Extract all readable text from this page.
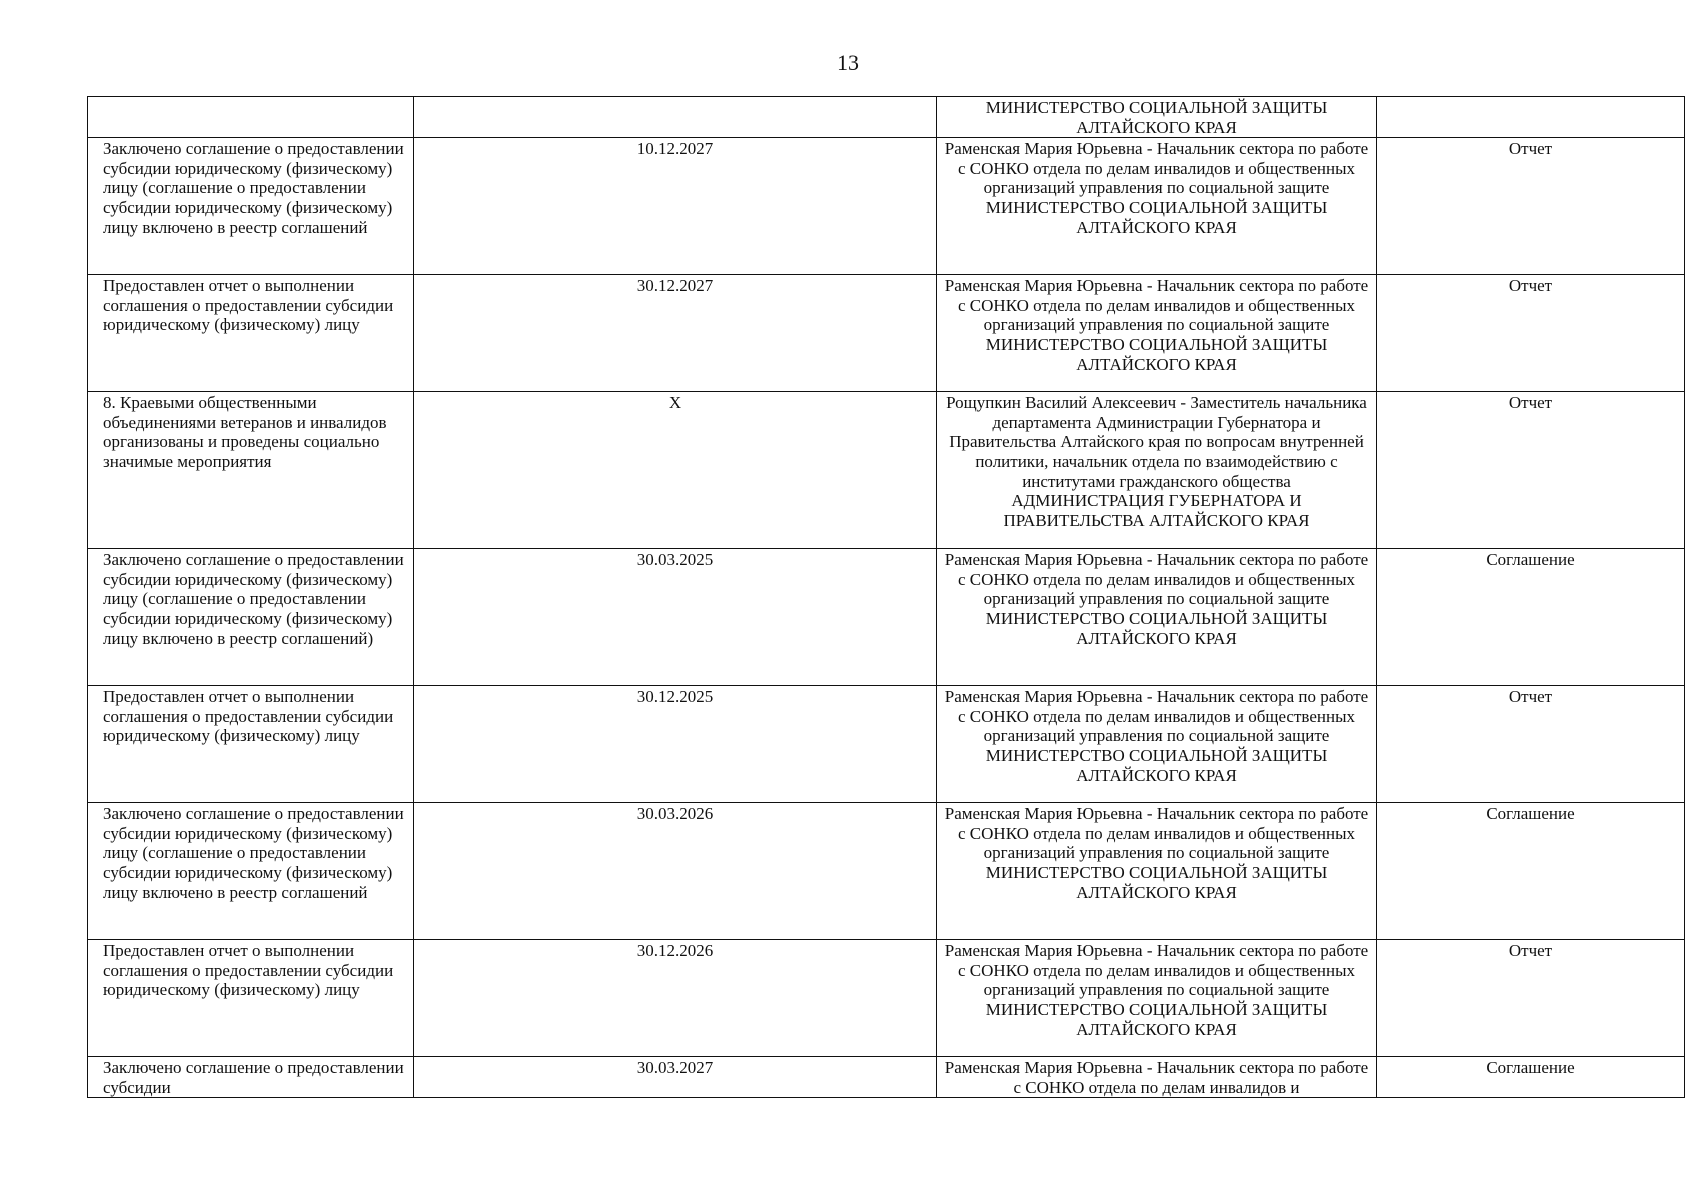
13

		МИНИСТЕРСТВО СОЦИАЛЬНОЙ ЗАЩИТЫ АЛТАЙСКОГО КРАЯ	

Заключено соглашение о предоставлении субсидии юридическому (физическому) лицу (соглашение о предоставлении субсидии юридическому (физическому) лицу включено в реестр соглашений	10.12.2027	Раменская Мария Юрьевна - Начальник сектора по работе с СОНКО отдела по делам инвалидов и общественных организаций управления по социальной защите
МИНИСТЕРСТВО СОЦИАЛЬНОЙ ЗАЩИТЫ АЛТАЙСКОГО КРАЯ	Отчет
Предоставлен отчет о выполнении соглашения о предоставлении субсидии юридическому (физическому) лицу	30.12.2027	Раменская Мария Юрьевна - Начальник сектора по работе с СОНКО отдела по делам инвалидов и общественных организаций управления по социальной защите
МИНИСТЕРСТВО СОЦИАЛЬНОЙ ЗАЩИТЫ АЛТАЙСКОГО КРАЯ	Отчет
8. Краевыми общественными объединениями ветеранов и инвалидов организованы и проведены социально значимые мероприятия	Х	Рощупкин Василий Алексеевич - Заместитель начальника департамента Администрации Губернатора и Правительства Алтайского края по вопросам внутренней политики, начальник отдела по взаимодействию с институтами гражданского общества
АДМИНИСТРАЦИЯ ГУБЕРНАТОРА И ПРАВИТЕЛЬСТВА АЛТАЙСКОГО КРАЯ	Отчет
Заключено соглашение о предоставлении субсидии юридическому (физическому) лицу (соглашение о предоставлении субсидии юридическому (физическому) лицу включено в реестр соглашений)	30.03.2025	Раменская Мария Юрьевна - Начальник сектора по работе с СОНКО отдела по делам инвалидов и общественных организаций управления по социальной защите
МИНИСТЕРСТВО СОЦИАЛЬНОЙ ЗАЩИТЫ АЛТАЙСКОГО КРАЯ	Соглашение
Предоставлен отчет о выполнении соглашения о предоставлении субсидии юридическому (физическому) лицу	30.12.2025	Раменская Мария Юрьевна - Начальник сектора по работе с СОНКО отдела по делам инвалидов и общественных организаций управления по социальной защите
МИНИСТЕРСТВО СОЦИАЛЬНОЙ ЗАЩИТЫ АЛТАЙСКОГО КРАЯ	Отчет
Заключено соглашение о предоставлении субсидии юридическому (физическому) лицу (соглашение о предоставлении субсидии юридическому (физическому) лицу включено в реестр соглашений	30.03.2026	Раменская Мария Юрьевна - Начальник сектора по работе с СОНКО отдела по делам инвалидов и общественных организаций управления по социальной защите
МИНИСТЕРСТВО СОЦИАЛЬНОЙ ЗАЩИТЫ АЛТАЙСКОГО КРАЯ	Соглашение
Предоставлен отчет о выполнении соглашения о предоставлении субсидии юридическому (физическому) лицу	30.12.2026	Раменская Мария Юрьевна - Начальник сектора по работе с СОНКО отдела по делам инвалидов и общественных организаций управления по социальной защите
МИНИСТЕРСТВО СОЦИАЛЬНОЙ ЗАЩИТЫ АЛТАЙСКОГО КРАЯ	Отчет
Заключено соглашение о предоставлении субсидии	30.03.2027	Раменская Мария Юрьевна - Начальник сектора по работе с СОНКО отдела по делам инвалидов и	Соглашение
